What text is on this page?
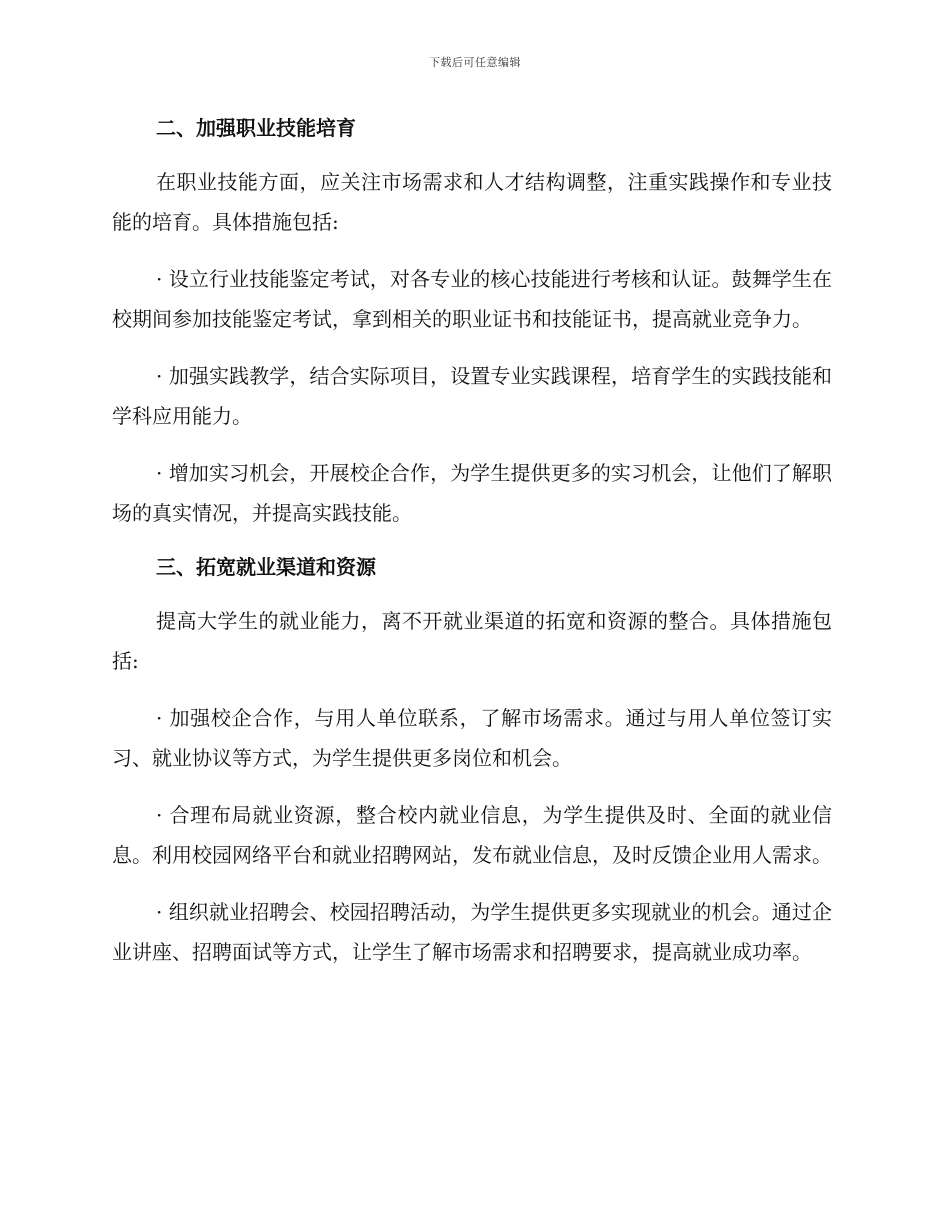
下载后可任意编辑
二、加强职业技能培育

在职业技能方面，应关注市场需求和人才结构调整，注重实践操作和专业技能的培育。具体措施包括:

· 设立行业技能鉴定考试，对各专业的核心技能进行考核和认证。鼓舞学生在校期间参加技能鉴定考试，拿到相关的职业证书和技能证书，提高就业竞争力。

· 加强实践教学，结合实际项目，设置专业实践课程，培育学生的实践技能和学科应用能力。

· 增加实习机会，开展校企合作，为学生提供更多的实习机会，让他们了解职场的真实情况，并提高实践技能。

三、拓宽就业渠道和资源

提高大学生的就业能力，离不开就业渠道的拓宽和资源的整合。具体措施包括:

· 加强校企合作，与用人单位联系，了解市场需求。通过与用人单位签订实习、就业协议等方式，为学生提供更多岗位和机会。

· 合理布局就业资源，整合校内就业信息，为学生提供及时、全面的就业信息。利用校园网络平台和就业招聘网站，发布就业信息，及时反馈企业用人需求。

· 组织就业招聘会、校园招聘活动，为学生提供更多实现就业的机会。通过企业讲座、招聘面试等方式，让学生了解市场需求和招聘要求，提高就业成功率。
